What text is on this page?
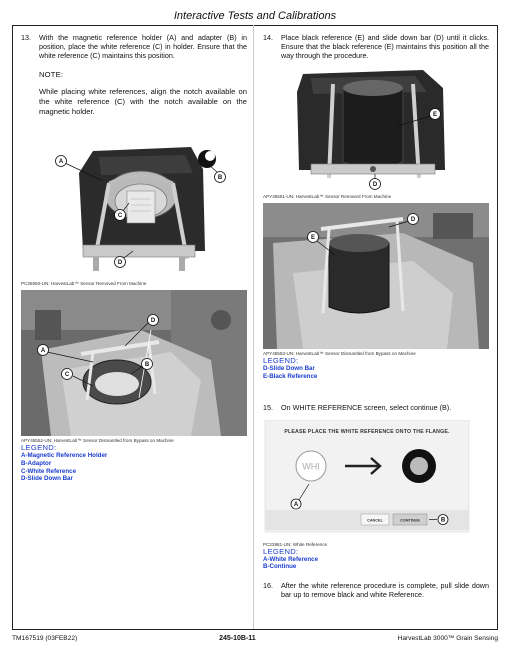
Interactive Tests and Calibrations
13.	With the magnetic reference holder (A) and adapter (B) in position, place the white reference (C) in holder. Ensure that the white reference (C) maintains this position.
NOTE:
While placing white references, align the notch available on the white reference (C) with the notch available on the magnetic holder.
A
B
C
D
PC25550-UN: HarvestLab™ Sensor Removed From Machine
A
B
C
D
APY45552-UN: HarvestLab™ Sensor Dismantled from Bypass on Machine
LEGEND:
A-Magnetic Reference Holder
B-Adaptor
C-White Reference
D-Slide Down Bar
14.	Place black reference (E) and slide down bar (D) until it clicks. Ensure that the black reference (E) maintains this position all the way through the procedure.
E
D
APY45551-UN: HarvestLab™ Sensor Removed From Machine
D
E
APY45553-UN: HarvestLab™ Sensor Dismantled from Bypass on Machine
LEGEND:
D-Slide Down Bar
E-Black Reference
15.	On WHITE REFERENCE screen, select continue (B).
PLEASE PLACE THE WHITE REFERENCE ONTO THE FLANGE.
WHI
CANCEL	CONTINUE
A
B
PC23981-UN: White Reference
LEGEND:
A-White Reference
B-Continue
16.	After the white reference procedure is complete, pull slide down bar up to remove black and white Reference.
TM167519 (03FEB22)	245-10B-11	HarvestLab 3000™ Grain Sensing
